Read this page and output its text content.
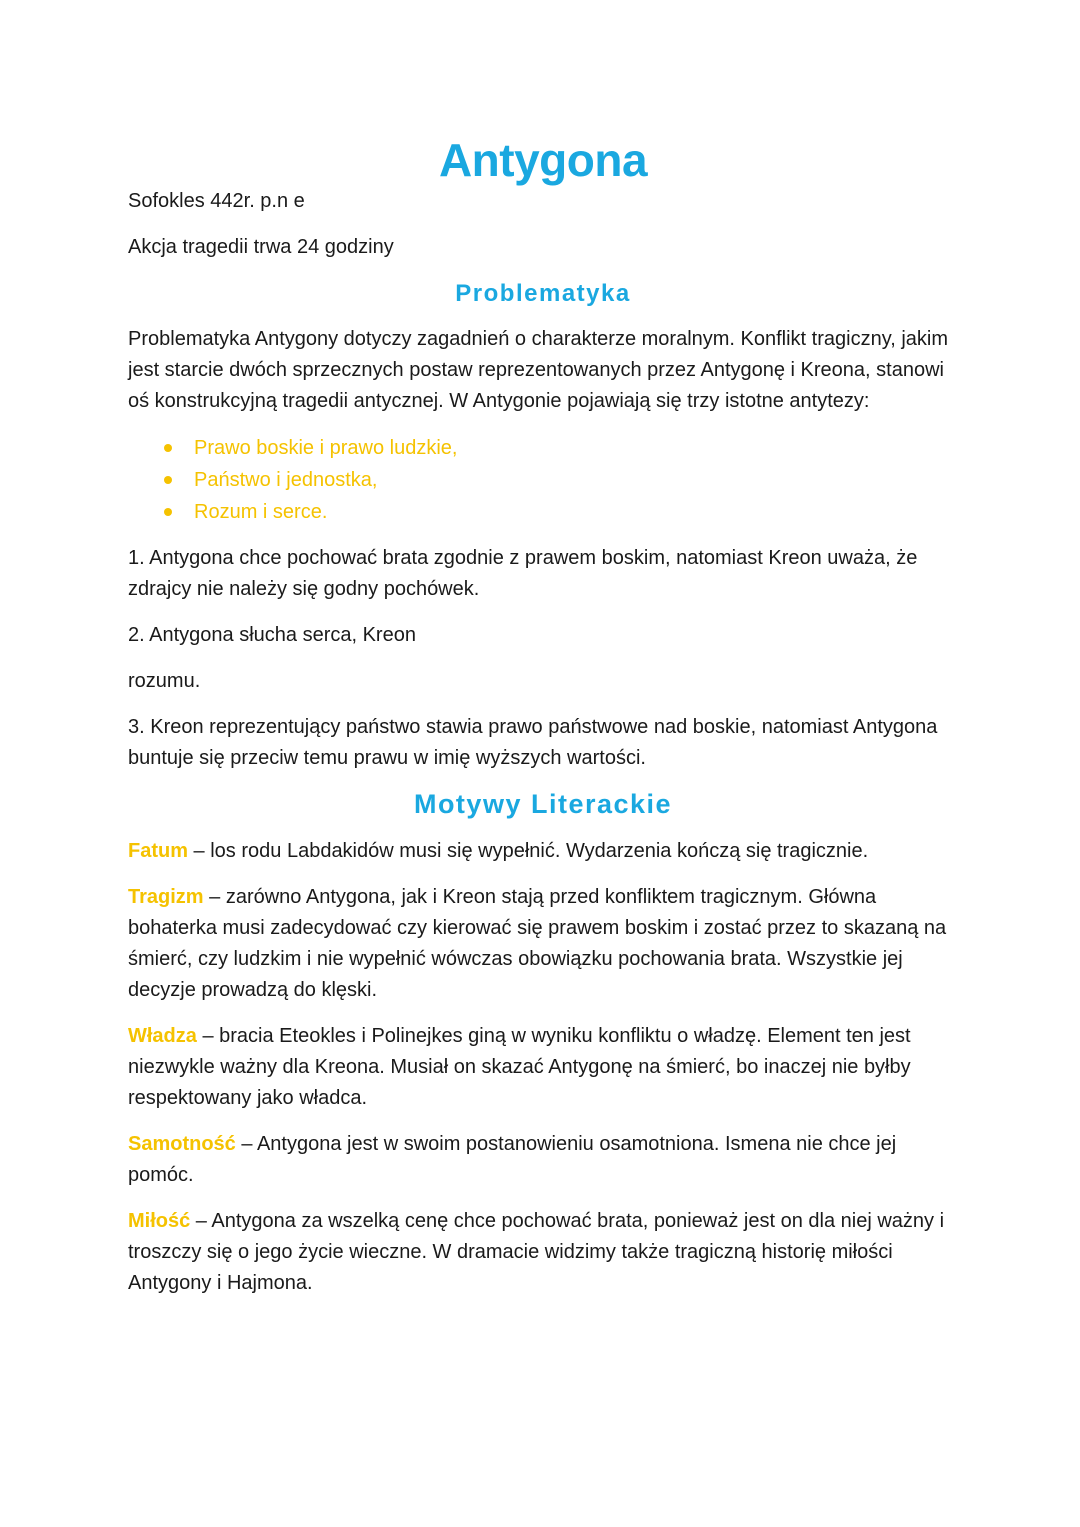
Antygona

Sofokles 442r. p.n e

Akcja tragedii trwa 24 godziny

Problematyka

Problematyka Antygony dotyczy zagadnień o charakterze moralnym. Konflikt tragiczny, jakim jest starcie dwóch sprzecznych postaw reprezentowanych przez Antygonę i Kreona, stanowi oś konstrukcyjną tragedii antycznej. W Antygonie pojawiają się trzy istotne antytezy:

Prawo boskie i prawo ludzkie,
Państwo i jednostka,
Rozum i serce.

1. Antygona chce pochować brata zgodnie z prawem boskim, natomiast Kreon uważa, że zdrajcy nie należy się godny pochówek.

2. Antygona słucha serca, Kreon

rozumu.

3. Kreon reprezentujący państwo stawia prawo państwowe nad boskie, natomiast Antygona buntuje się przeciw temu prawu w imię wyższych wartości.

Motywy Literackie

Fatum – los rodu Labdakidów musi się wypełnić. Wydarzenia kończą się tragicznie.

Tragizm – zarówno Antygona, jak i Kreon stają przed konfliktem tragicznym. Główna bohaterka musi zadecydować czy kierować się prawem boskim i zostać przez to skazaną na śmierć, czy ludzkim i nie wypełnić wówczas obowiązku pochowania brata. Wszystkie jej decyzje prowadzą do klęski.

Władza – bracia Eteokles i Polinejkes giną w wyniku konfliktu o władzę. Element ten jest niezwykle ważny dla Kreona. Musiał on skazać Antygonę na śmierć, bo inaczej nie byłby respektowany jako władca.

Samotność – Antygona jest w swoim postanowieniu osamotniona. Ismena nie chce jej pomóc.

Miłość – Antygona za wszelką cenę chce pochować brata, ponieważ jest on dla niej ważny i troszczy się o jego życie wieczne. W dramacie widzimy także tragiczną historię miłości Antygony i Hajmona.
